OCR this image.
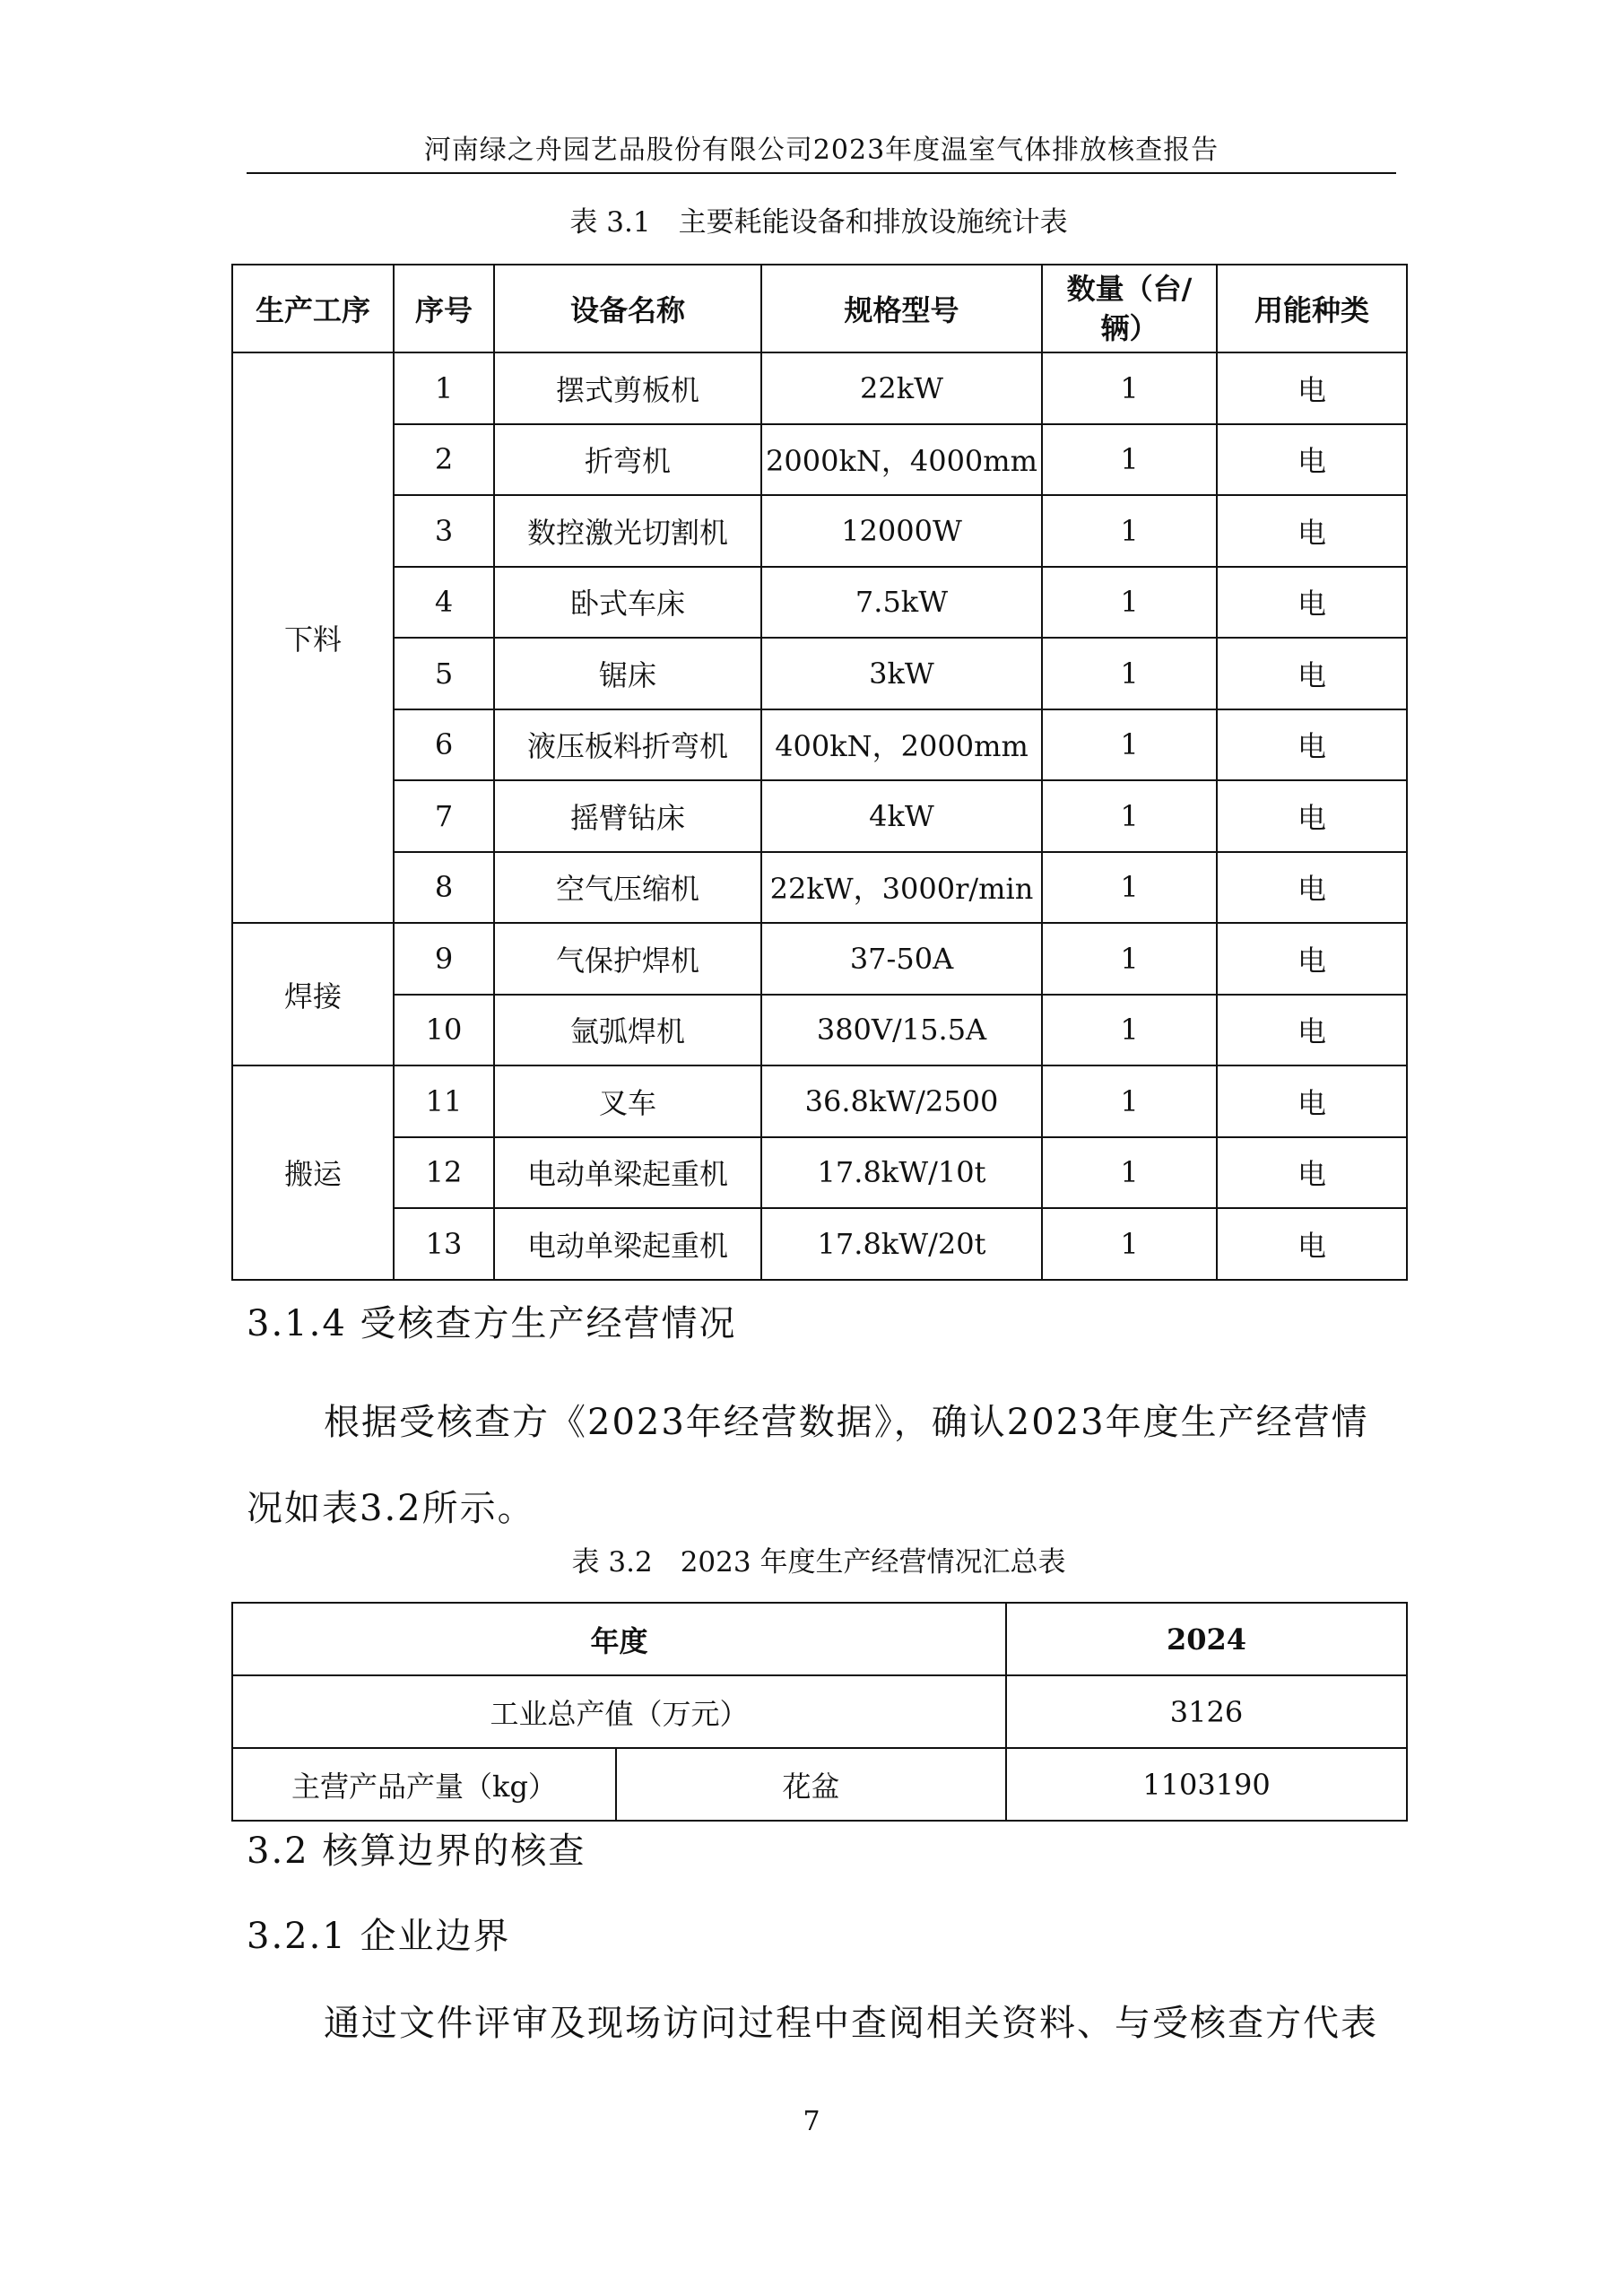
河南绿之舟园艺品股份有限公司2023年度温室气体排放核查报告
表 3.1　主要耗能设备和排放设施统计表
生产工序	序号	设备名称	规格型号	数量（台/辆）	用能种类
下料	1	摆式剪板机	22kW	1	电
	2	折弯机	2000kN，4000mm	1	电
	3	数控激光切割机	12000W	1	电
	4	卧式车床	7.5kW	1	电
	5	锯床	3kW	1	电
	6	液压板料折弯机	400kN，2000mm	1	电
	7	摇臂钻床	4kW	1	电
	8	空气压缩机	22kW，3000r/min	1	电
焊接	9	气保护焊机	37-50A	1	电
	10	氩弧焊机	380V/15.5A	1	电
搬运	11	叉车	36.8kW/2500	1	电
	12	电动单梁起重机	17.8kW/10t	1	电
	13	电动单梁起重机	17.8kW/20t	1	电
3.1.4 受核查方生产经营情况
根据受核查方《2023年经营数据》，确认2023年度生产经营情况如表3.2所示。
表 3.2　2023 年度生产经营情况汇总表
年度		2024
工业总产值（万元）		3126
主营产品产量（kg）	花盆	1103190
3.2 核算边界的核查
3.2.1 企业边界
通过文件评审及现场访问过程中查阅相关资料、与受核查方代表
7
